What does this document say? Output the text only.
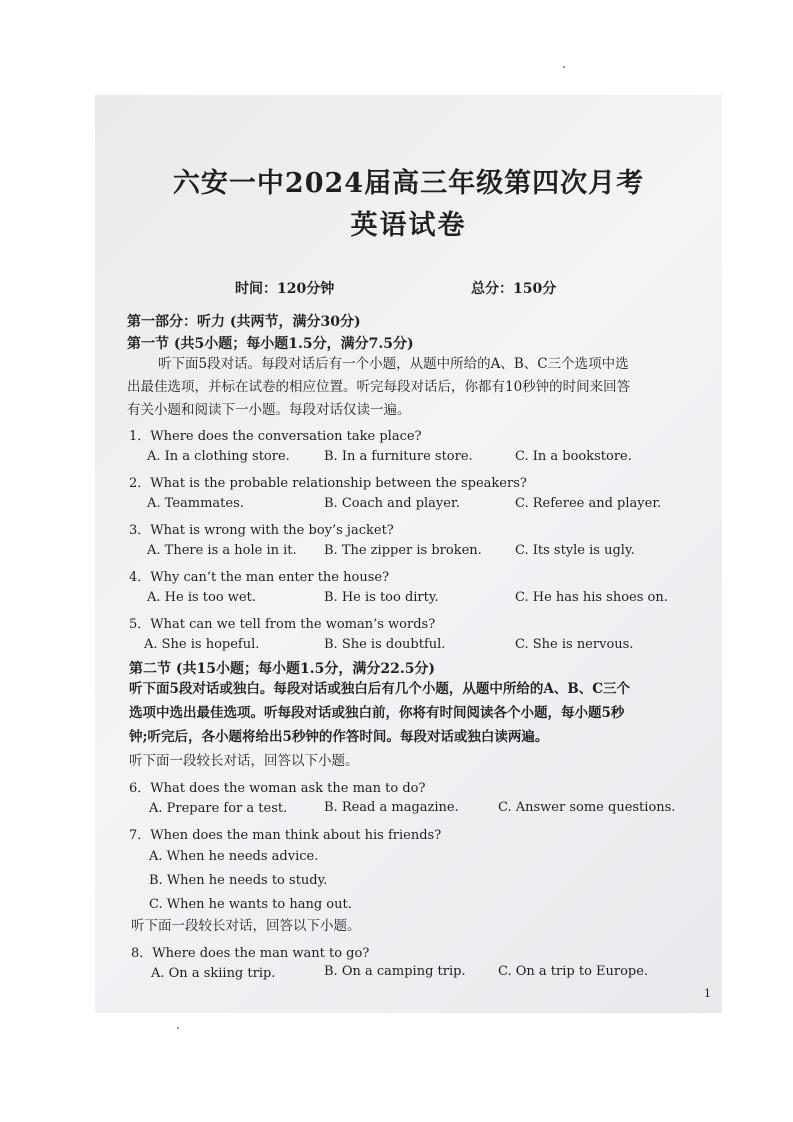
六安一中2024届高三年级第四次月考
英语试卷
时间：120分钟	总分：150分
第一部分：听力 (共两节，满分30分)
第一节 (共5小题；每小题1.5分，满分7.5分)
听下面5段对话。每段对话后有一个小题，从题中所给的A、B、C三个选项中选
出最佳选项，并标在试卷的相应位置。听完每段对话后，你都有10秒钟的时间来回答
有关小题和阅读下一小题。每段对话仅读一遍。
1．Where does the conversation take place?
A. In a clothing store.	B. In a furniture store.	C. In a bookstore.
2．What is the probable relationship between the speakers?
A. Teammates.	B. Coach and player.	C. Referee and player.
3．What is wrong with the boy’s jacket?
A. There is a hole in it. B. The zipper is broken.	C. Its style is ugly.
4．Why can’t the man enter the house?
A. He is too wet.	B. He is too dirty.	C. He has his shoes on.
5．What can we tell from the woman’s words?
A. She is hopeful.	B. She is doubtful.	C. She is nervous.
第二节 (共15小题；每小题1.5分，满分22.5分)
听下面5段对话或独白。每段对话或独白后有几个小题，从题中所给的A、B、C三个
选项中选出最佳选项。听每段对话或独白前，你将有时间阅读各个小题，每小题5秒
钟;听完后，各小题将给出5秒钟的作答时间。每段对话或独白读两遍。
听下面一段较长对话，回答以下小题。
6．What does the woman ask the man to do?
A. Prepare for a test.	B. Read a magazine.	C. Answer some questions.
7．When does the man think about his friends?
A. When he needs advice.
B. When he needs to study.
C. When he wants to hang out.
听下面一段较长对话，回答以下小题。
8．Where does the man want to go?
A. On a skiing trip.	B. On a camping trip. C. On a trip to Europe.
1
